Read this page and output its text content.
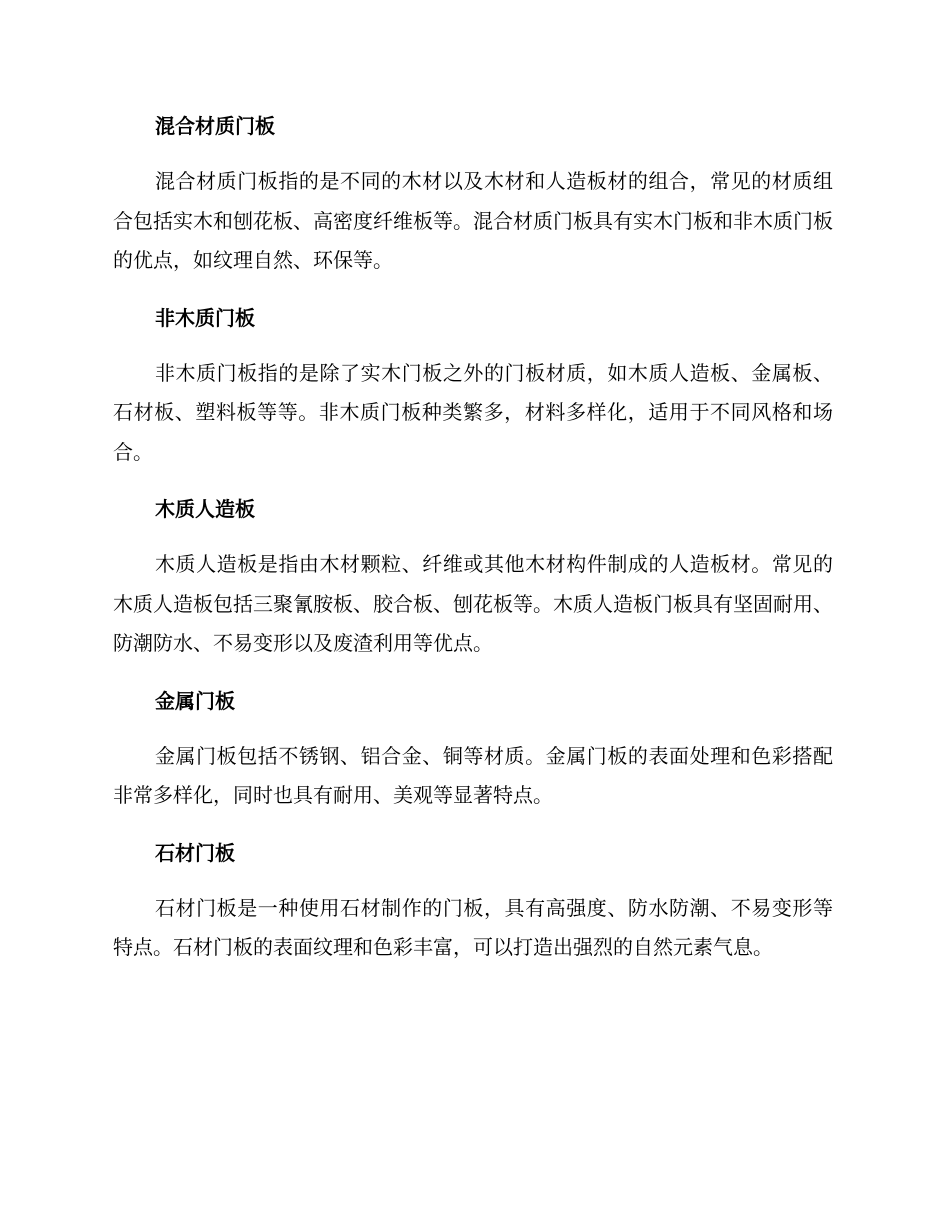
混合材质门板

混合材质门板指的是不同的木材以及木材和人造板材的组合，常见的材质组合包括实木和刨花板、高密度纤维板等。混合材质门板具有实木门板和非木质门板的优点，如纹理自然、环保等。

非木质门板

非木质门板指的是除了实木门板之外的门板材质，如木质人造板、金属板、石材板、塑料板等等。非木质门板种类繁多，材料多样化，适用于不同风格和场合。

木质人造板

木质人造板是指由木材颗粒、纤维或其他木材构件制成的人造板材。常见的木质人造板包括三聚氰胺板、胶合板、刨花板等。木质人造板门板具有坚固耐用、防潮防水、不易变形以及废渣利用等优点。

金属门板

金属门板包括不锈钢、铝合金、铜等材质。金属门板的表面处理和色彩搭配非常多样化，同时也具有耐用、美观等显著特点。

石材门板

石材门板是一种使用石材制作的门板，具有高强度、防水防潮、不易变形等特点。石材门板的表面纹理和色彩丰富，可以打造出强烈的自然元素气息。
